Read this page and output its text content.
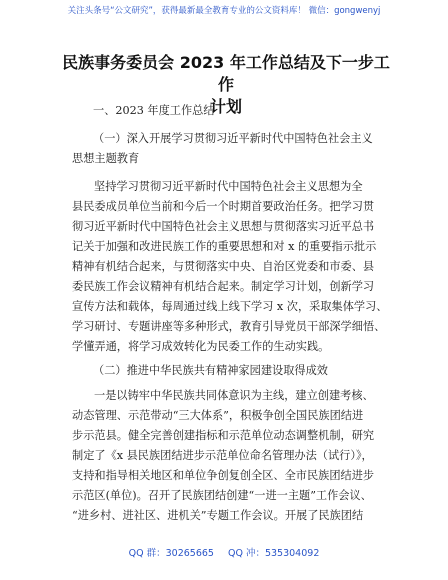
关注头条号“公文研究”，获得最新最全教育专业的公文资料库！ 微信：gongwenyj
民族事务委员会 2023 年工作总结及下一步工作
计划
一、2023 年度工作总结
（一）深入开展学习贯彻习近平新时代中国特色社会主义
思想主题教育
坚持学习贯彻习近平新时代中国特色社会主义思想为全
县民委成员单位当前和今后一个时期首要政治任务。把学习贯
彻习近平新时代中国特色社会主义思想与贯彻落实习近平总书
记关于加强和改进民族工作的重要思想和对 x 的重要指示批示
精神有机结合起来，与贯彻落实中央、自治区党委和市委、县
委民族工作会议精神有机结合起来。制定学习计划，创新学习
宣传方法和载体，每周通过线上线下学习 x 次，采取集体学习、
学习研讨、专题讲座等多种形式，教育引导党员干部深学细悟、
学懂弄通，将学习成效转化为民委工作的生动实践。
（二）推进中华民族共有精神家园建设取得成效
一是以铸牢中华民族共同体意识为主线，建立创建考核、
动态管理、示范带动“三大体系”，积极争创全国民族团结进
步示范县。健全完善创建指标和示范单位动态调整机制，研究
制定了《x 县民族团结进步示范单位命名管理办法（试行）》，
支持和指导相关地区和单位争创复创全区、全市民族团结进步
示范区(单位)。召开了民族团结创建“一进一主题”工作会议、
“进乡村、进社区、进机关”专题工作会议。开展了民族团结
QQ 群：30265665 QQ 冲：535304092
